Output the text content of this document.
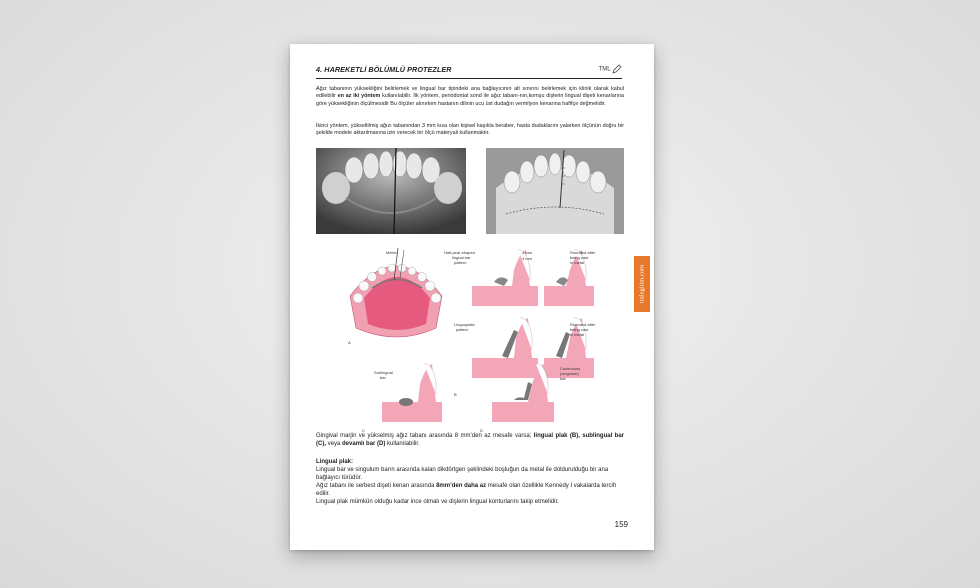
4. HAREKETLİ BÖLÜMLÜ PROTEZLER	TML
Ağız tabanının yüksekliğini belirlemek ve lingual bar tipindeki ana bağlayıcının alt sınırını belirlemek için klinik olarak kabul edilebilir en az iki yöntem kullanılabilir. İlk yöntem, periodontal sond ile ağız tabanı-nın,komşu dişlerin lingual dişeti kenarlarına göre yüksekliğinin ölçülmesidir Bu ölçüler alınırken hastanın dilinin ucu üst dudağın vermilyon kenarına hafifçe değmelidir.
İkinci yöntem, yükseltilmiş ağızı tabanından 3 mm kısa olan kişisel kaşıkla beraber, hasta dudaklarını yalarken ölçünün doğru bir şekilde modele aktarılmasına izin verecek bir ölçü materyali kullanmaktır.
Metric
A
Half-pear-shaped
lingual bar
pattern
4 mm
4 mm
Rounded after
being cast
in metal
Linguoplate
pattern
B
Rounded after
being cast
in metal
Sublingual
bar
C
Continuous
(cingulum)
bar
D
Gingival marjin ve yükselmiş ağız tabanı arasında 8 mm’den az mesafe varsa; lingual plak (B), sublingual bar (C), veya devamlı bar (D) kullanılabilir.
Lingual plak:
Lingual bar ve singulum barın arasında kalan dikdörtgen şeklindeki boşluğun da metal ile doldurulduğu bir ana bağlayıcı türüdür.
Ağız tabanı ile serbest dişeti kenarı arasında 8mm’den daha az mesafe olan özellikle Kennedy I vakalarda tercih edilir.
Lingual plak mümkün olduğu kadar ince olmalı ve dişlerin lingual konturlarını takip etmelidir.
159
tmlegitim.com
